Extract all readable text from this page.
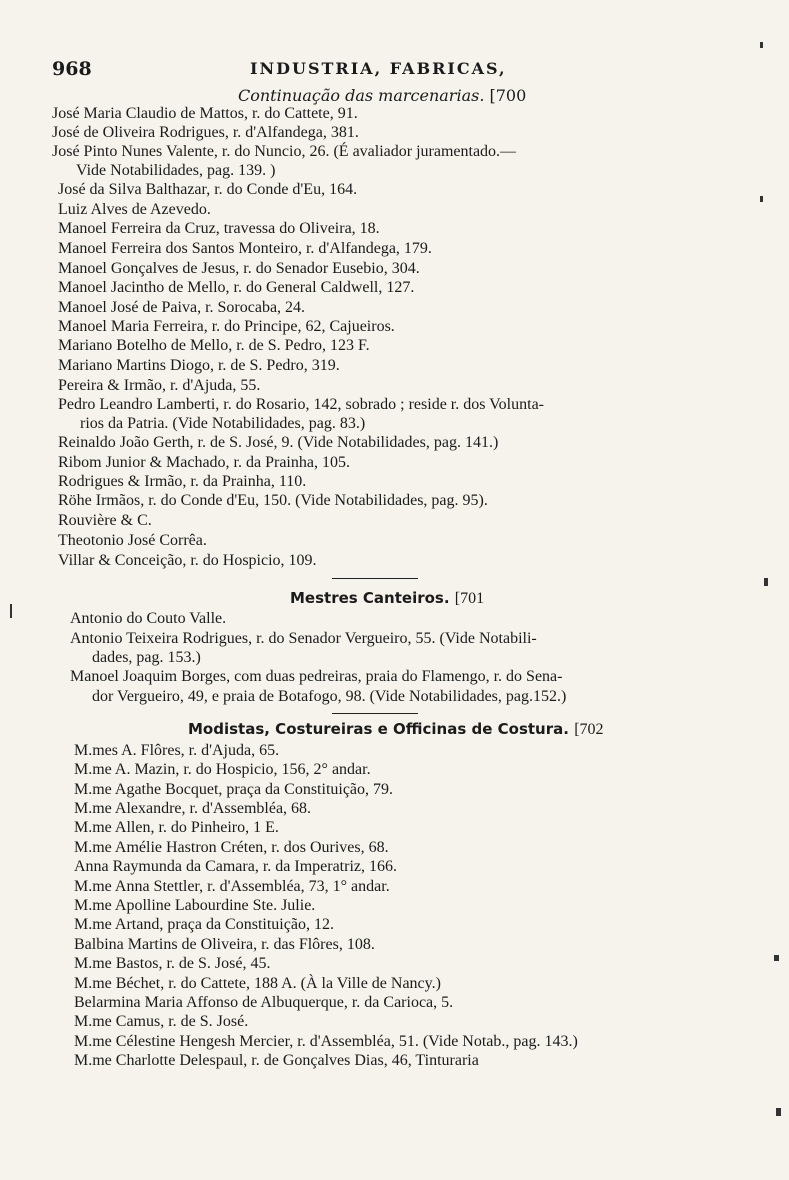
968	INDUSTRIA, FABRICAS,
Continuação das marcenarias. [700
José Maria Claudio de Mattos, r. do Cattete, 91.
José de Oliveira Rodrigues, r. d'Alfandega, 381.
José Pinto Nunes Valente, r. do Nuncio, 26. (É avaliador juramentado.—
Vide Notabilidades, pag. 139. )
José da Silva Balthazar, r. do Conde d'Eu, 164.
Luiz Alves de Azevedo.
Manoel Ferreira da Cruz, travessa do Oliveira, 18.
Manoel Ferreira dos Santos Monteiro, r. d'Alfandega, 179.
Manoel Gonçalves de Jesus, r. do Senador Eusebio, 304.
Manoel Jacintho de Mello, r. do General Caldwell, 127.
Manoel José de Paiva, r. Sorocaba, 24.
Manoel Maria Ferreira, r. do Principe, 62, Cajueiros.
Mariano Botelho de Mello, r. de S. Pedro, 123 F.
Mariano Martins Diogo, r. de S. Pedro, 319.
Pereira & Irmão, r. d'Ajuda, 55.
Pedro Leandro Lamberti, r. do Rosario, 142, sobrado ; reside r. dos Volunta-
rios da Patria. (Vide Notabilidades, pag. 83.)
Reinaldo João Gerth, r. de S. José, 9. (Vide Notabilidades, pag. 141.)
Ribom Junior & Machado, r. da Prainha, 105.
Rodrigues & Irmão, r. da Prainha, 110.
Röhe Irmãos, r. do Conde d'Eu, 150. (Vide Notabilidades, pag. 95).
Rouvière & C.
Theotonio José Corrêa.
Villar & Conceição, r. do Hospicio, 109.
Mestres Canteiros. [701
Antonio do Couto Valle.
Antonio Teixeira Rodrigues, r. do Senador Vergueiro, 55. (Vide Notabili-
dades, pag. 153.)
Manoel Joaquim Borges, com duas pedreiras, praia do Flamengo, r. do Sena-
dor Vergueiro, 49, e praia de Botafogo, 98. (Vide Notabilidades, pag.152.)
Modistas, Costureiras e Officinas de Costura. [702
M.mes A. Flôres, r. d'Ajuda, 65.
M.me A. Mazin, r. do Hospicio, 156, 2° andar.
M.me Agathe Bocquet, praça da Constituição, 79.
M.me Alexandre, r. d'Assembléa, 68.
M.me Allen, r. do Pinheiro, 1 E.
M.me Amélie Hastron Créten, r. dos Ourives, 68.
Anna Raymunda da Camara, r. da Imperatriz, 166.
M.me Anna Stettler, r. d'Assembléa, 73, 1° andar.
M.me Apolline Labourdine Ste. Julie.
M.me Artand, praça da Constituição, 12.
Balbina Martins de Oliveira, r. das Flôres, 108.
M.me Bastos, r. de S. José, 45.
M.me Béchet, r. do Cattete, 188 A. (À la Ville de Nancy.)
Belarmina Maria Affonso de Albuquerque, r. da Carioca, 5.
M.me Camus, r. de S. José.
M.me Célestine Hengesh Mercier, r. d'Assembléa, 51. (Vide Notab., pag. 143.)
M.me Charlotte Delespaul, r. de Gonçalves Dias, 46, Tinturaria
